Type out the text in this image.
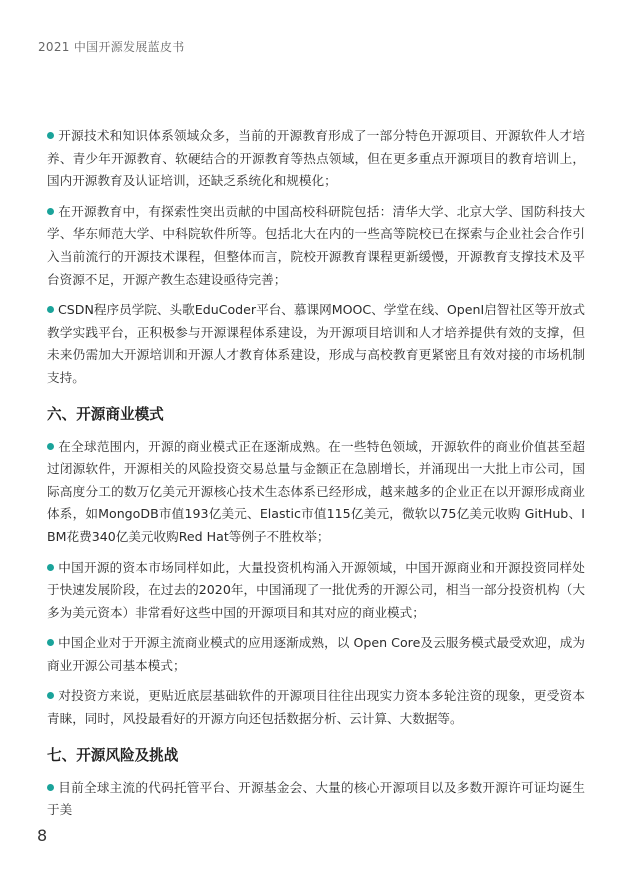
2021 中国开源发展蓝皮书

开源技术和知识体系领域众多，当前的开源教育形成了一部分特色开源项目、开源软件人才培养、青少年开源教育、软硬结合的开源教育等热点领域，但在更多重点开源项目的教育培训上，国内开源教育及认证培训，还缺乏系统化和规模化；

在开源教育中，有探索性突出贡献的中国高校科研院包括：清华大学、北京大学、国防科技大学、华东师范大学、中科院软件所等。包括北大在内的一些高等院校已在探索与企业社会合作引入当前流行的开源技术课程，但整体而言，院校开源教育课程更新缓慢，开源教育支撑技术及平台资源不足，开源产教生态建设亟待完善；

CSDN程序员学院、头歌EduCoder平台、慕课网MOOC、学堂在线、OpenI启智社区等开放式教学实践平台，正积极参与开源课程体系建设，为开源项目培训和人才培养提供有效的支撑，但未来仍需加大开源培训和开源人才教育体系建设，形成与高校教育更紧密且有效对接的市场机制支持。

六、开源商业模式

在全球范围内，开源的商业模式正在逐渐成熟。在一些特色领域，开源软件的商业价值甚至超过闭源软件，开源相关的风险投资交易总量与金额正在急剧增长，并涌现出一大批上市公司，国际高度分工的数万亿美元开源核心技术生态体系已经形成，越来越多的企业正在以开源形成商业体系，如MongoDB市值193亿美元、Elastic市值115亿美元，微软以75亿美元收购 GitHub、IBM花费340亿美元收购Red Hat等例子不胜枚举；

中国开源的资本市场同样如此，大量投资机构涌入开源领域，中国开源商业和开源投资同样处于快速发展阶段，在过去的2020年，中国涌现了一批优秀的开源公司，相当一部分投资机构（大多为美元资本）非常看好这些中国的开源项目和其对应的商业模式；

中国企业对于开源主流商业模式的应用逐渐成熟，以 Open Core及云服务模式最受欢迎，成为商业开源公司基本模式；

对投资方来说，更贴近底层基础软件的开源项目往往出现实力资本多轮注资的现象，更受资本青睐，同时，风投最看好的开源方向还包括数据分析、云计算、大数据等。

七、开源风险及挑战

目前全球主流的代码托管平台、开源基金会、大量的核心开源项目以及多数开源许可证均诞生于美

8
